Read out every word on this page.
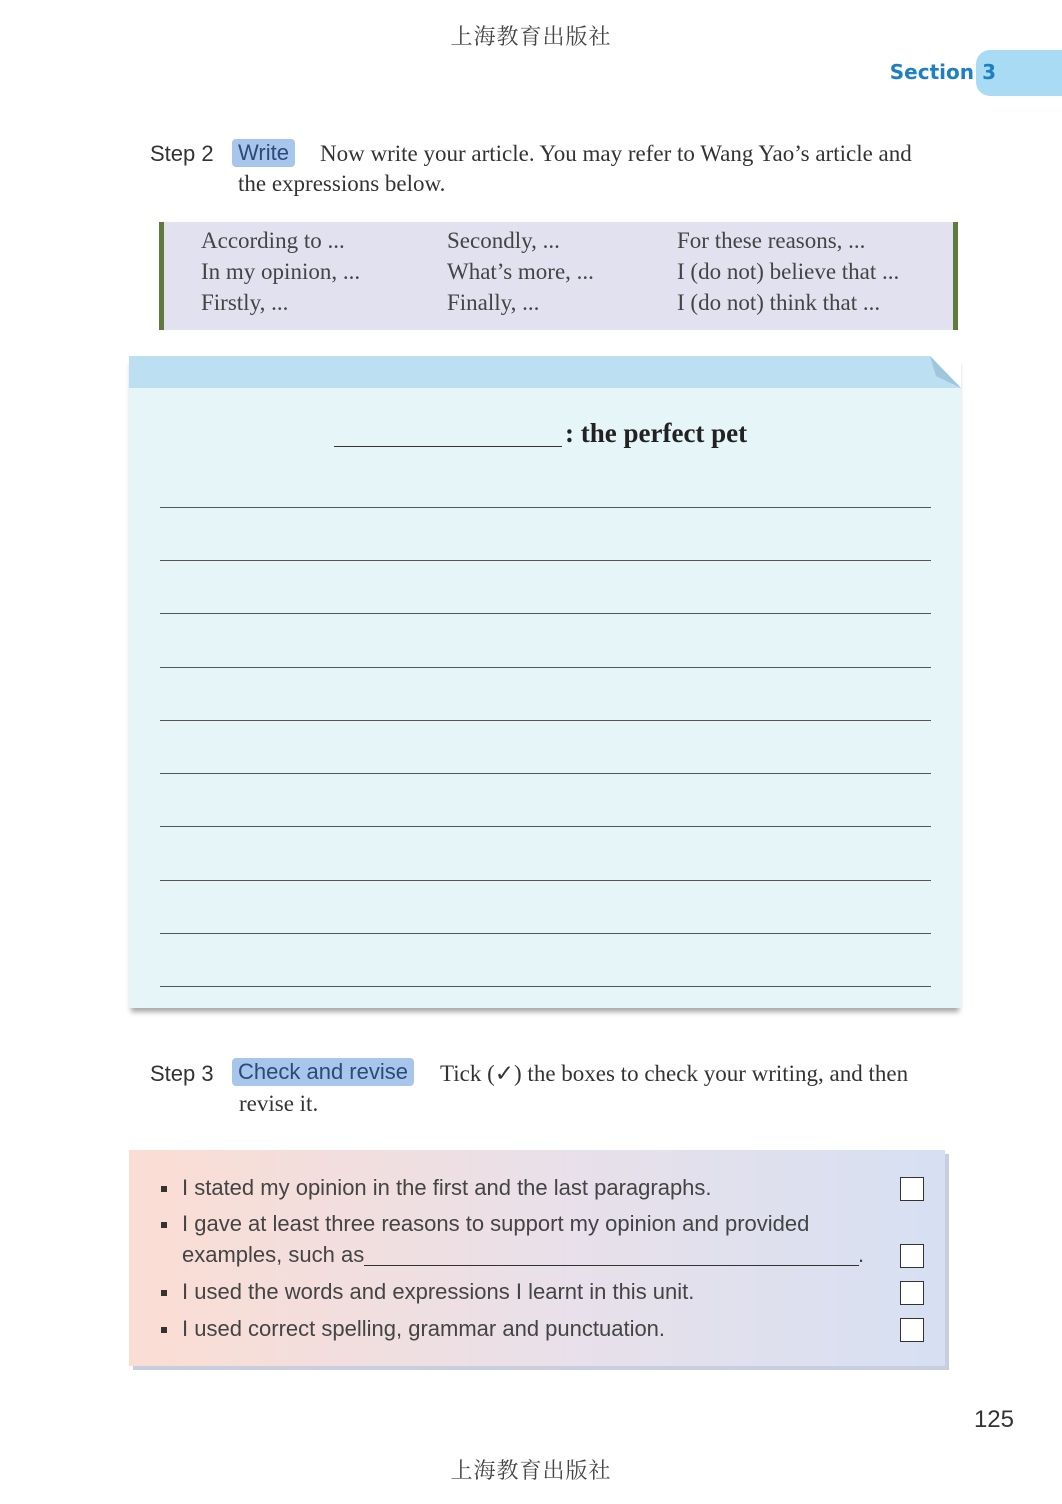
上海教育出版社
Section 3
Step 2 Write Now write your article. You may refer to Wang Yao’s article and
the expressions below.
According to ...
In my opinion, ...
Firstly, ...
Secondly, ...
What’s more, ...
Finally, ...
For these reasons, ...
I (do not) believe that ...
I (do not) think that ...
: the perfect pet
Step 3 Check and revise Tick (✓) the boxes to check your writing, and then
revise it.
I stated my opinion in the first and the last paragraphs.
I gave at least three reasons to support my opinion and provided
examples, such as	.
I used the words and expressions I learnt in this unit.
I used correct spelling, grammar and punctuation.
125
上海教育出版社
